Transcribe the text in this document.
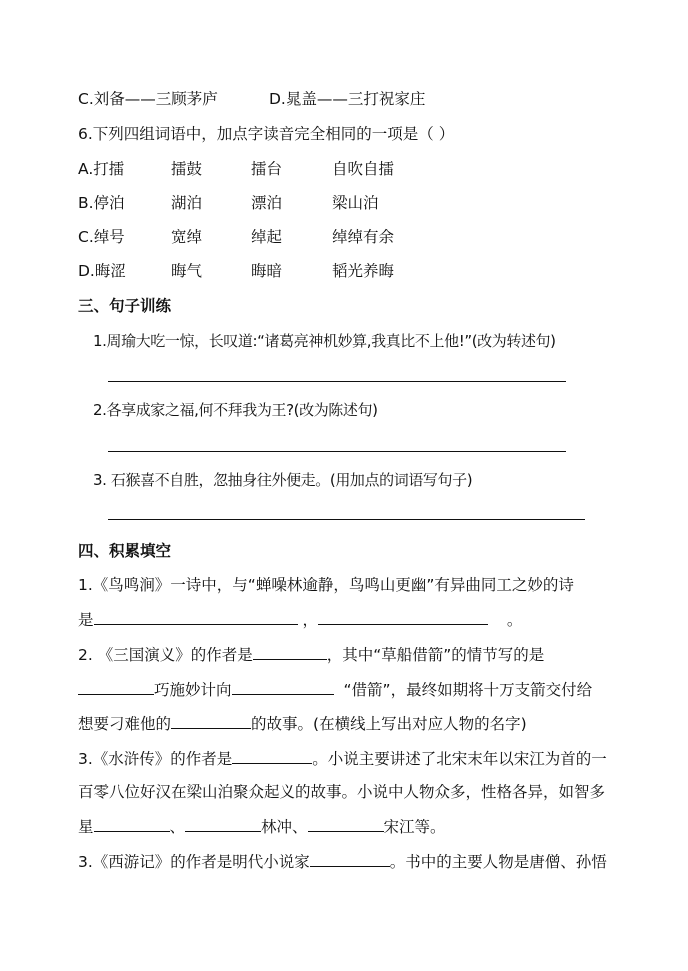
C.刘备——三顾茅庐	D.晁盖——三打祝家庄
6.下列四组词语中，加点字读音完全相同的一项是（ ）
A.打擂	擂鼓	擂台	自吹自擂
B.停泊	湖泊	漂泊	梁山泊
C.绰号	宽绰	绰起	绰绰有余
D.晦涩	晦气	晦暗	韬光养晦
三、句子训练
1.周瑜大吃一惊，长叹道:“诸葛亮神机妙算,我真比不上他!”(改为转述句)
2.各享成家之福,何不拜我为王?(改为陈述句)
3. 石猴喜不自胜，忽抽身往外便走。(用加点的词语写句子)
四、积累填空
1.《鸟鸣涧》一诗中，与“蝉噪林逾静，鸟鸣山更幽”有异曲同工之妙的诗
是	，	。
2. 《三国演义》的作者是	，其中“草船借箭”的情节写的是
巧施妙计向	“借箭”，最终如期将十万支箭交付给
想要刁难他的	的故事。(在横线上写出对应人物的名字)
3.《水浒传》的作者是	。小说主要讲述了北宋末年以宋江为首的一
百零八位好汉在梁山泊聚众起义的故事。小说中人物众多，性格各异，如智多
星	、	林冲、	宋江等。
3.《西游记》的作者是明代小说家	。书中的主要人物是唐僧、孙悟
